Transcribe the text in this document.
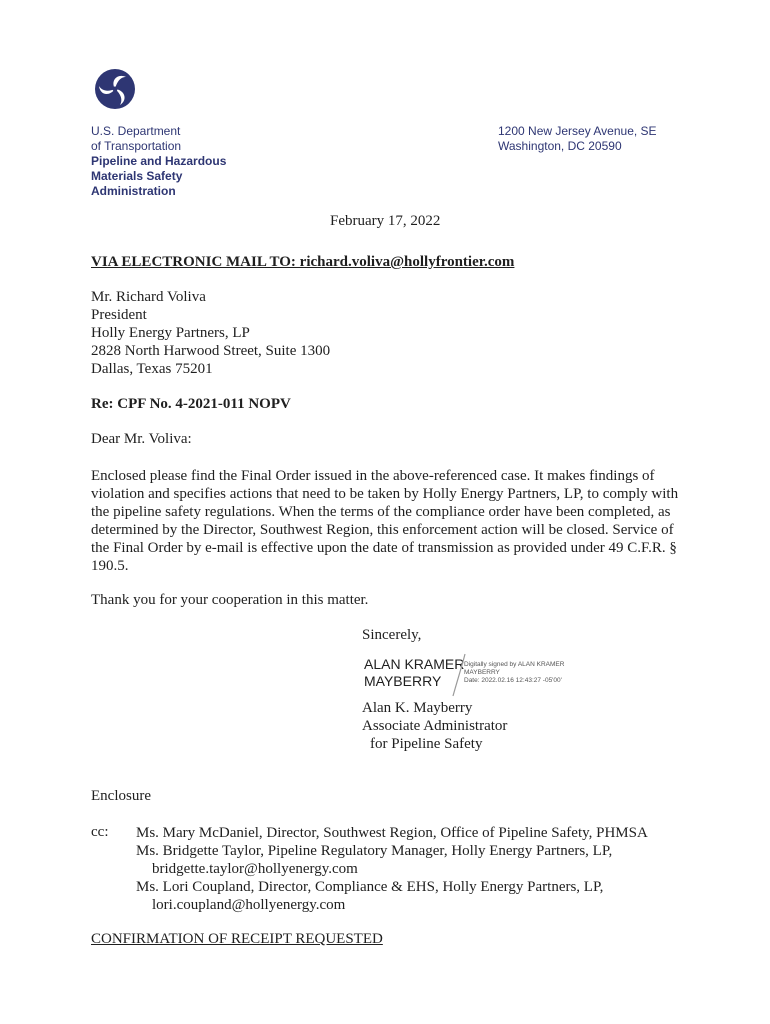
U.S. Department
of Transportation
Pipeline and Hazardous
Materials Safety
Administration
1200 New Jersey Avenue, SE
Washington, DC 20590
February 17, 2022
VIA ELECTRONIC MAIL TO: richard.voliva@hollyfrontier.com
Mr. Richard Voliva
President
Holly Energy Partners, LP
2828 North Harwood Street, Suite 1300
Dallas, Texas 75201
Re: CPF No. 4-2021-011 NOPV
Dear Mr. Voliva:
Enclosed please find the Final Order issued in the above-referenced case. It makes findings of violation and specifies actions that need to be taken by Holly Energy Partners, LP, to comply with the pipeline safety regulations. When the terms of the compliance order have been completed, as determined by the Director, Southwest Region, this enforcement action will be closed. Service of the Final Order by e-mail is effective upon the date of transmission as provided under 49 C.F.R. § 190.5.
Thank you for your cooperation in this matter.
Sincerely,
ALAN KRAMER
MAYBERRY
Digitally signed by ALAN KRAMER
MAYBERRY
Date: 2022.02.16 12:43:27 -05'00'
Alan K. Mayberry
Associate Administrator
for Pipeline Safety
Enclosure
cc: Ms. Mary McDaniel, Director, Southwest Region, Office of Pipeline Safety, PHMSA
Ms. Bridgette Taylor, Pipeline Regulatory Manager, Holly Energy Partners, LP,
bridgette.taylor@hollyenergy.com
Ms. Lori Coupland, Director, Compliance & EHS, Holly Energy Partners, LP,
lori.coupland@hollyenergy.com
CONFIRMATION OF RECEIPT REQUESTED
